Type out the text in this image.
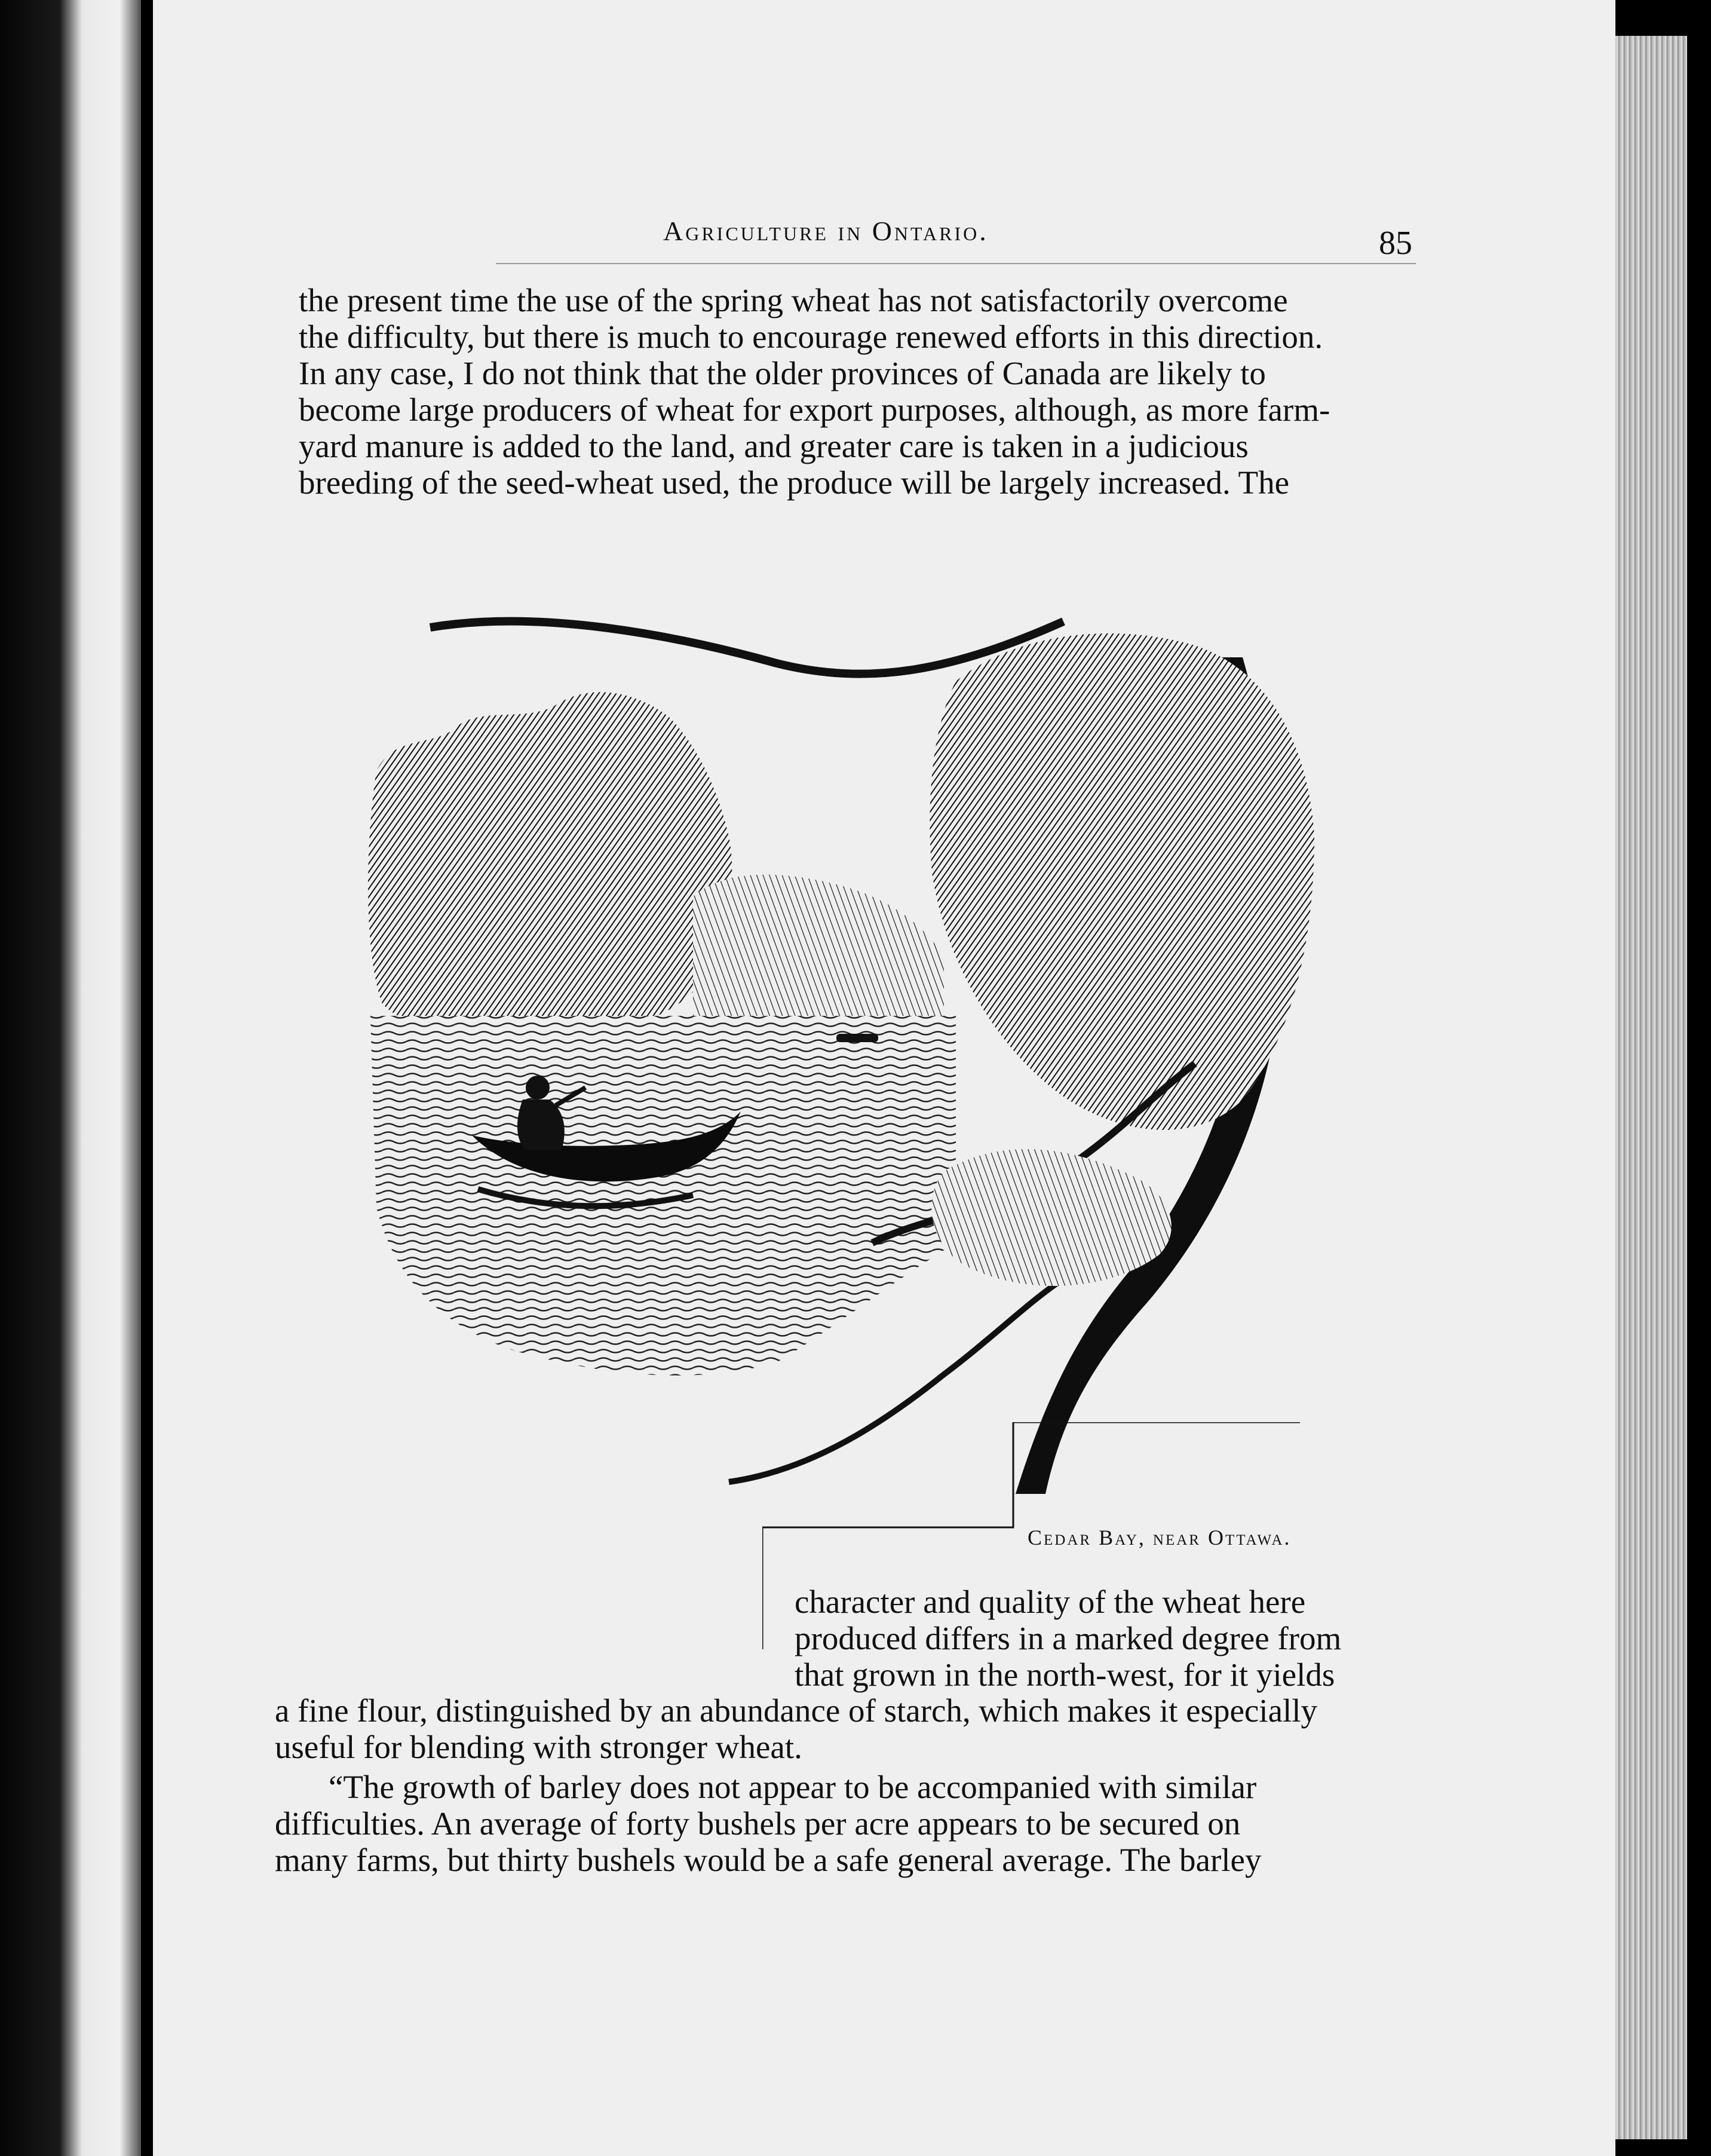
Agriculture in Ontario.	85

the present time the use of the spring wheat has not satisfactorily overcome
the difficulty, but there is much to encourage renewed efforts in this direction.
In any case, I do not think that the older provinces of Canada are likely to
become large producers of wheat for export purposes, although, as more farm-
yard manure is added to the land, and greater care is taken in a judicious
breeding of the seed-wheat used, the produce will be largely increased. The

Cedar Bay, near Ottawa.

character and quality of the wheat here
produced differs in a marked degree from
that grown in the north-west, for it yields

a fine flour, distinguished by an abundance of starch, which makes it especially
useful for blending with stronger wheat.

“The growth of barley does not appear to be accompanied with similar
difficulties. An average of forty bushels per acre appears to be secured on
many farms, but thirty bushels would be a safe general average. The barley
